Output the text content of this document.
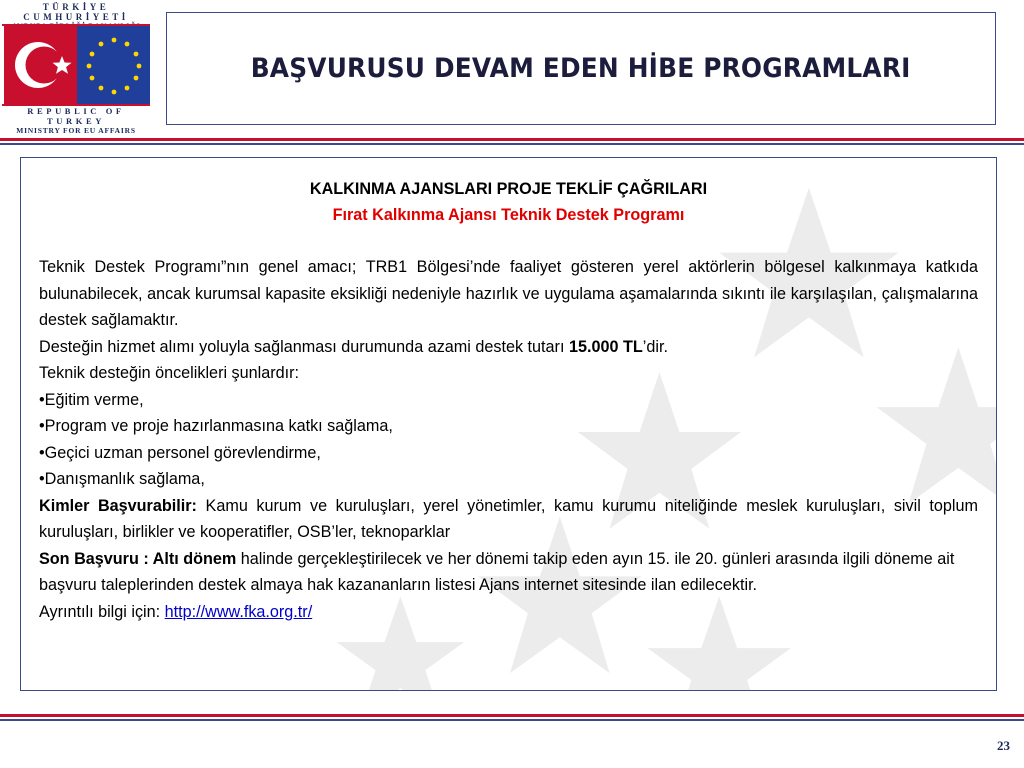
TÜRKİYE CUMHURİYETİ
REPUBLIC OF TURKEY
MINISTRY FOR EU AFFAIRS
BAŞVURUSU DEVAM EDEN HİBE PROGRAMLARI
KALKINMA AJANSLARI PROJE TEKLİF ÇAĞRILARI
Fırat Kalkınma Ajansı Teknik Destek Programı
Teknik Destek Programı”nın genel amacı; TRB1 Bölgesi’nde faaliyet gösteren yerel aktörlerin bölgesel kalkınmaya katkıda bulunabilecek, ancak kurumsal kapasite eksikliği nedeniyle hazırlık ve uygulama aşamalarında sıkıntı ile karşılaşılan, çalışmalarına destek sağlamaktır.
Desteğin hizmet alımı yoluyla sağlanması durumunda azami destek tutarı 15.000 TL’dir.
Teknik desteğin öncelikleri şunlardır:
•Eğitim verme,
•Program ve proje hazırlanmasına katkı sağlama,
•Geçici uzman personel görevlendirme,
•Danışmanlık sağlama,
Kimler Başvurabilir: Kamu kurum ve kuruluşları, yerel yönetimler, kamu kurumu niteliğinde meslek kuruluşları, sivil toplum kuruluşları, birlikler ve kooperatifler, OSB’ler, teknoparklar
Son Başvuru : Altı dönem halinde gerçekleştirilecek ve her dönemi takip eden ayın 15. ile 20. günleri arasında ilgili döneme ait başvuru taleplerinden destek almaya hak kazananların listesi Ajans internet sitesinde ilan edilecektir.
Ayrıntılı bilgi için: http://www.fka.org.tr/
23
